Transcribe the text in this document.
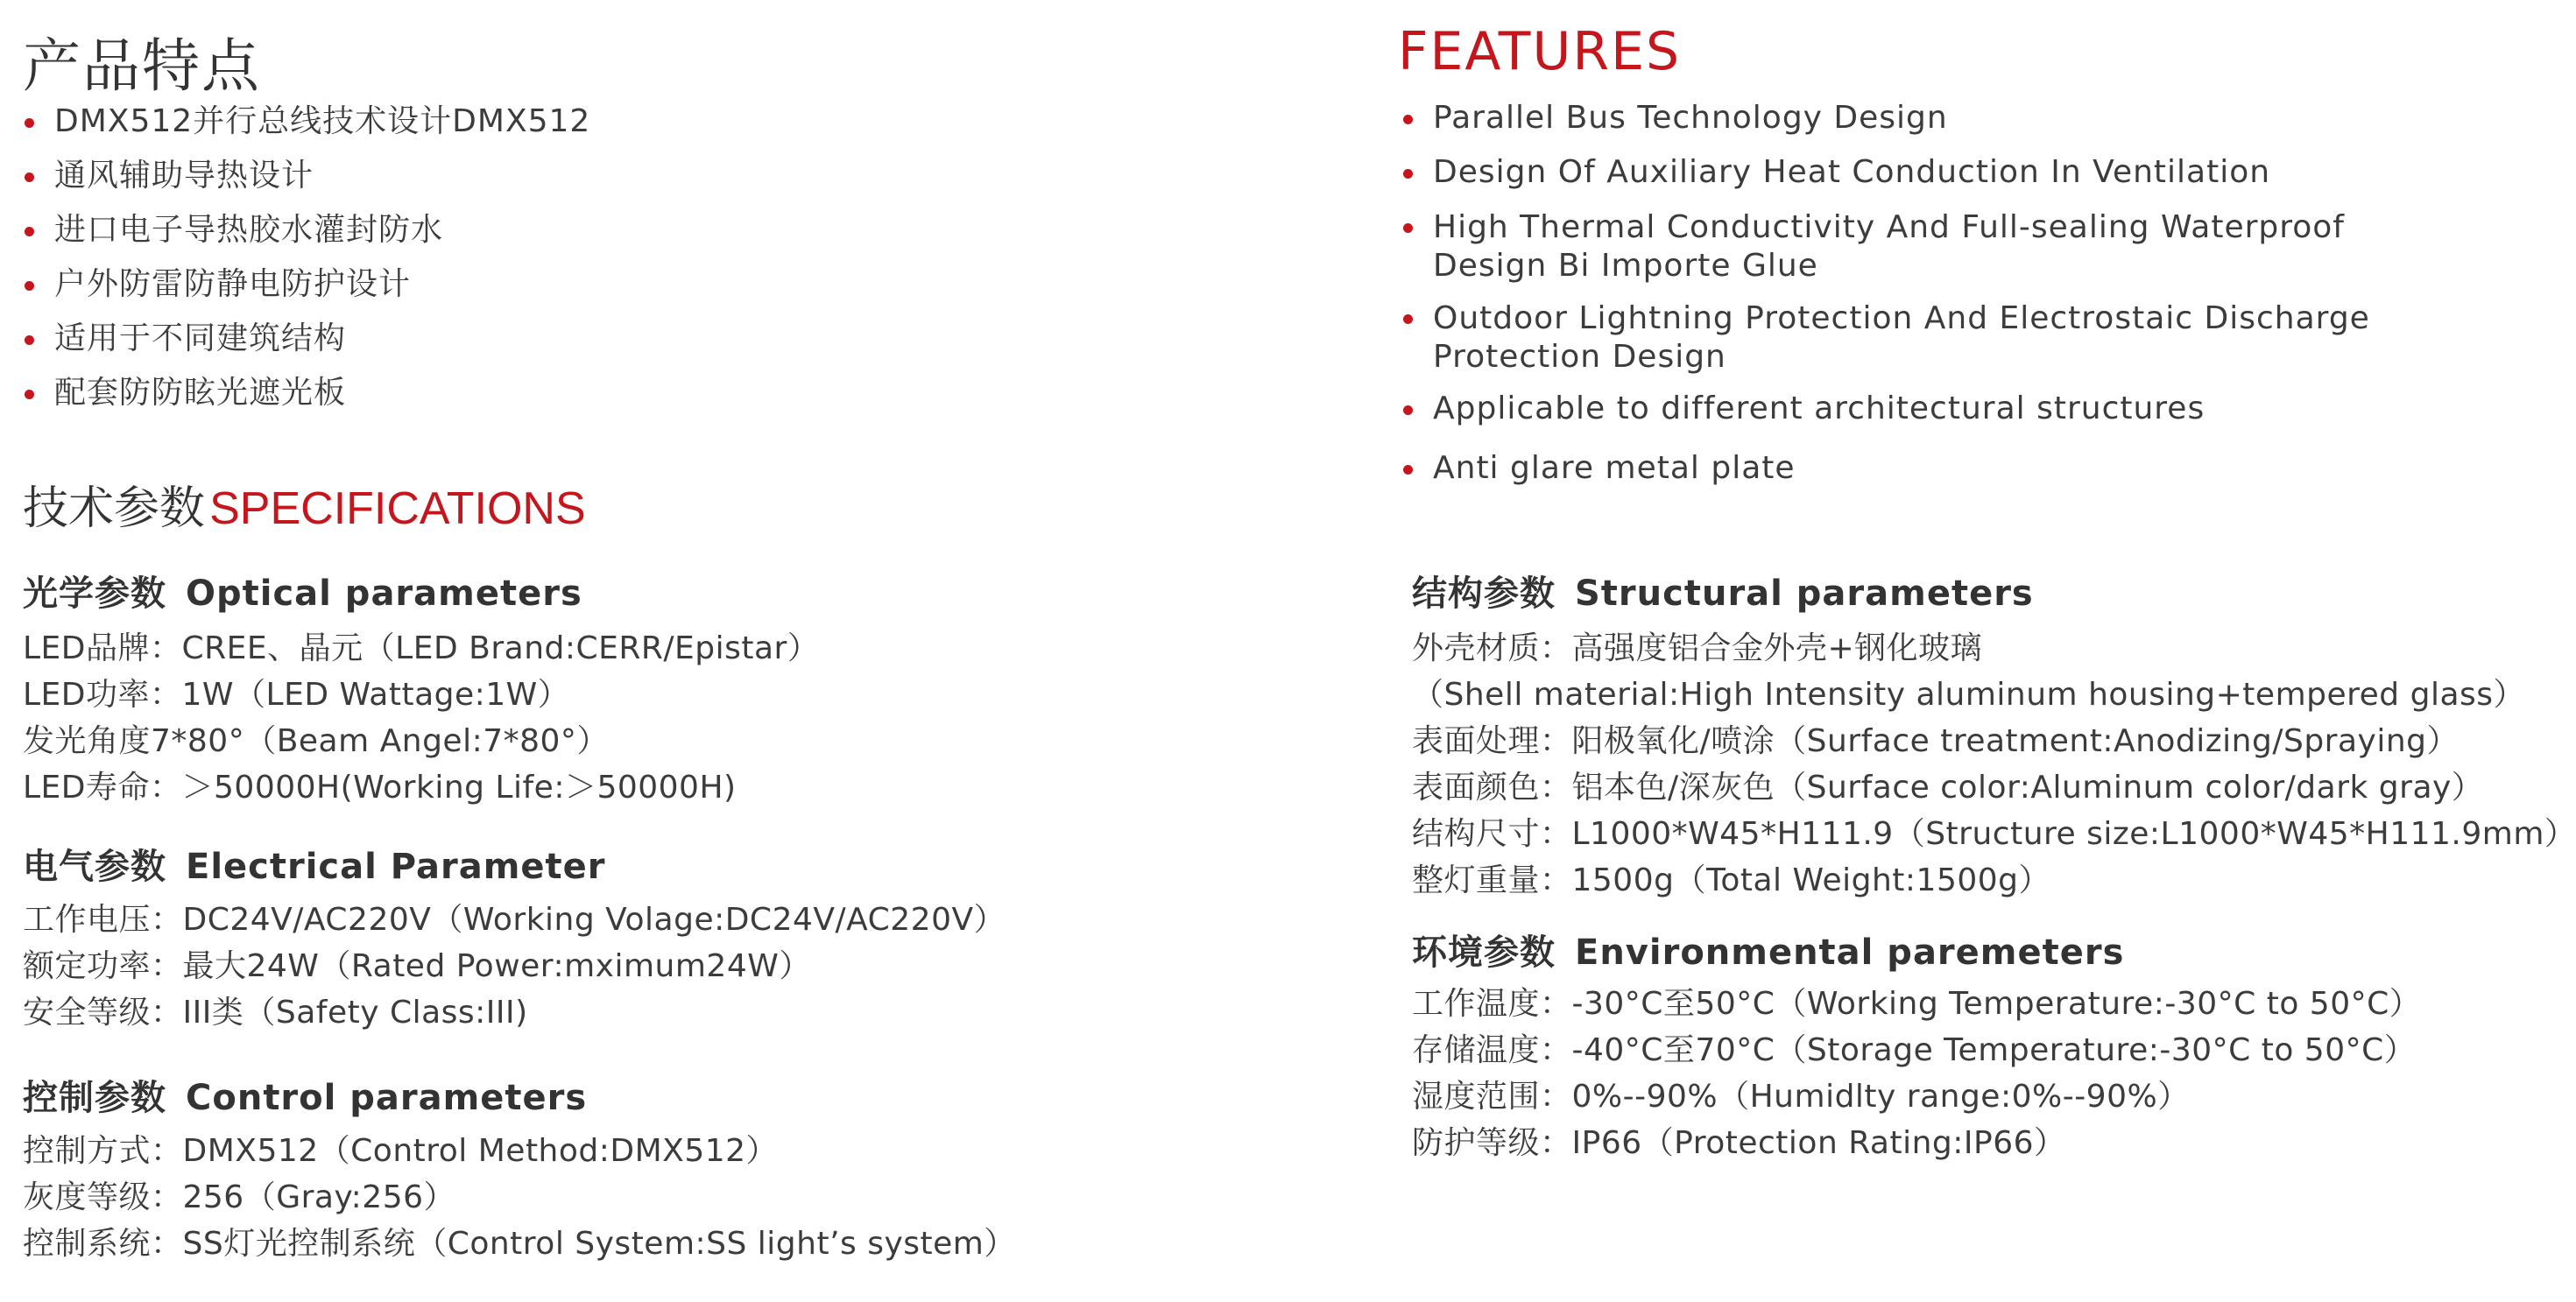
产品特点
DMX512并行总线技术设计DMX512
通风辅助导热设计
进口电子导热胶水灌封防水
户外防雷防静电防护设计
适用于不同建筑结构
配套防防眩光遮光板
技术参数 SPECIFICATIONS
光学参数 Optical parameters
LED品牌：CREE、晶元（LED Brand:CERR/Epistar）
LED功率：1W（LED Wattage:1W）
发光角度7*80°（Beam Angel:7*80°）
LED寿命：＞50000H(Working Life:＞50000H)
电气参数 Electrical Parameter
工作电压：DC24V/AC220V（Working Volage:DC24V/AC220V）
额定功率：最大24W（Rated Power:mximum24W）
安全等级：III类（Safety Class:III)
控制参数 Control parameters
控制方式：DMX512（Control Method:DMX512）
灰度等级：256（Gray:256）
控制系统：SS灯光控制系统（Control System:SS light’s system）
FEATURES
Parallel Bus Technology Design
Design Of Auxiliary Heat Conduction In Ventilation
High Thermal Conductivity And Full-sealing Waterproof
Design Bi Importe Glue
Outdoor Lightning Protection And Electrostaic Discharge
Protection Design
Applicable to different architectural structures
Anti glare metal plate
结构参数 Structural parameters
外壳材质：高强度铝合金外壳+钢化玻璃
（Shell material:High Intensity aluminum housing+tempered glass）
表面处理：阳极氧化/喷涂（Surface treatment:Anodizing/Spraying）
表面颜色：铝本色/深灰色（Surface color:Aluminum color/dark gray）
结构尺寸：L1000*W45*H111.9（Structure size:L1000*W45*H111.9mm）
整灯重量：1500g（Total Weight:1500g）
环境参数 Environmental paremeters
工作温度：-30°C至50°C（Working Temperature:-30°C to 50°C）
存储温度：-40°C至70°C（Storage Temperature:-30°C to 50°C）
湿度范围：0%--90%（Humidlty range:0%--90%）
防护等级：IP66（Protection Rating:IP66）
